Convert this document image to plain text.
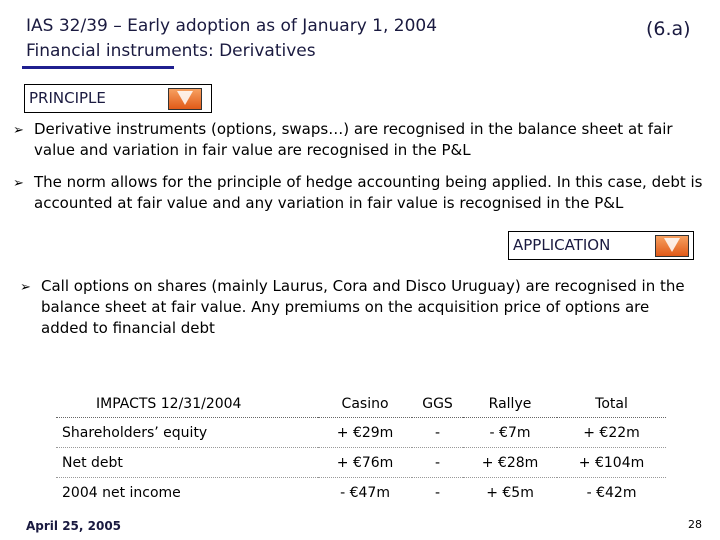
IAS 32/39 – Early adoption as of January 1, 2004
Financial instruments: Derivatives
(6.a)
PRINCIPLE
➢ Derivative instruments (options, swaps…) are recognised in the balance sheet at fair value and variation in fair value are recognised in the P&L
➢ The norm allows for the principle of hedge accounting being applied. In this case, debt is accounted at fair value and any variation in fair value is recognised in the P&L
APPLICATION
➢ Call options on shares (mainly Laurus, Cora and Disco Uruguay) are recognised in the balance sheet at fair value. Any premiums on the acquisition price of options are added to financial debt
IMPACTS 12/31/2004	Casino	GGS	Rallye	Total
Shareholders’ equity	+ €29m	-	- €7m	+ €22m
Net debt	+ €76m	-	+ €28m	+ €104m
2004 net income	- €47m	-	+ €5m	- €42m
April 25, 2005	28
